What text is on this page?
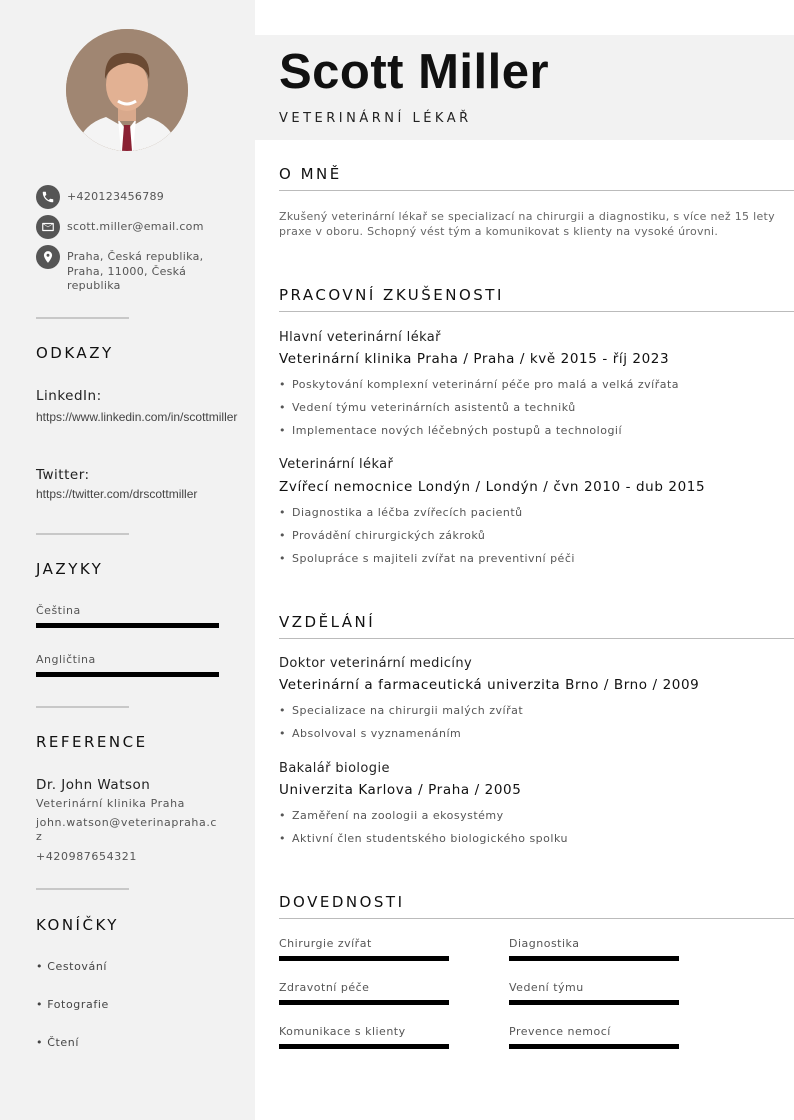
+420123456789
scott.miller@email.com
Praha, Česká republika, Praha, 11000, Česká republika
ODKAZY
LinkedIn:
https://www.linkedin.com/in/scottmiller
Twitter:
https://twitter.com/drscottmiller
JAZYKY
Čeština
Angličtina
REFERENCE
Dr. John Watson
Veterinární klinika Praha
john.watson@veterinapraha.cz
+420987654321
KONÍČKY
• Cestování
• Fotografie
• Čtení
Scott Miller
VETERINÁRNÍ LÉKAŘ
O MNĚ
Zkušený veterinární lékař se specializací na chirurgii a diagnostiku, s více než 15 lety praxe v oboru. Schopný vést tým a komunikovat s klienty na vysoké úrovni.
PRACOVNÍ ZKUŠENOSTI
Hlavní veterinární lékař
Veterinární klinika Praha / Praha / kvě 2015 - říj 2023
• Poskytování komplexní veterinární péče pro malá a velká zvířata
• Vedení týmu veterinárních asistentů a techniků
• Implementace nových léčebných postupů a technologií
Veterinární lékař
Zvířecí nemocnice Londýn / Londýn / čvn 2010 - dub 2015
• Diagnostika a léčba zvířecích pacientů
• Provádění chirurgických zákroků
• Spolupráce s majiteli zvířat na preventivní péči
VZDĚLÁNÍ
Doktor veterinární medicíny
Veterinární a farmaceutická univerzita Brno / Brno / 2009
• Specializace na chirurgii malých zvířat
• Absolvoval s vyznamenáním
Bakalář biologie
Univerzita Karlova / Praha / 2005
• Zaměření na zoologii a ekosystémy
• Aktivní člen studentského biologického spolku
DOVEDNOSTI
Chirurgie zvířat	Diagnostika
Zdravotní péče	Vedení týmu
Komunikace s klienty	Prevence nemocí
